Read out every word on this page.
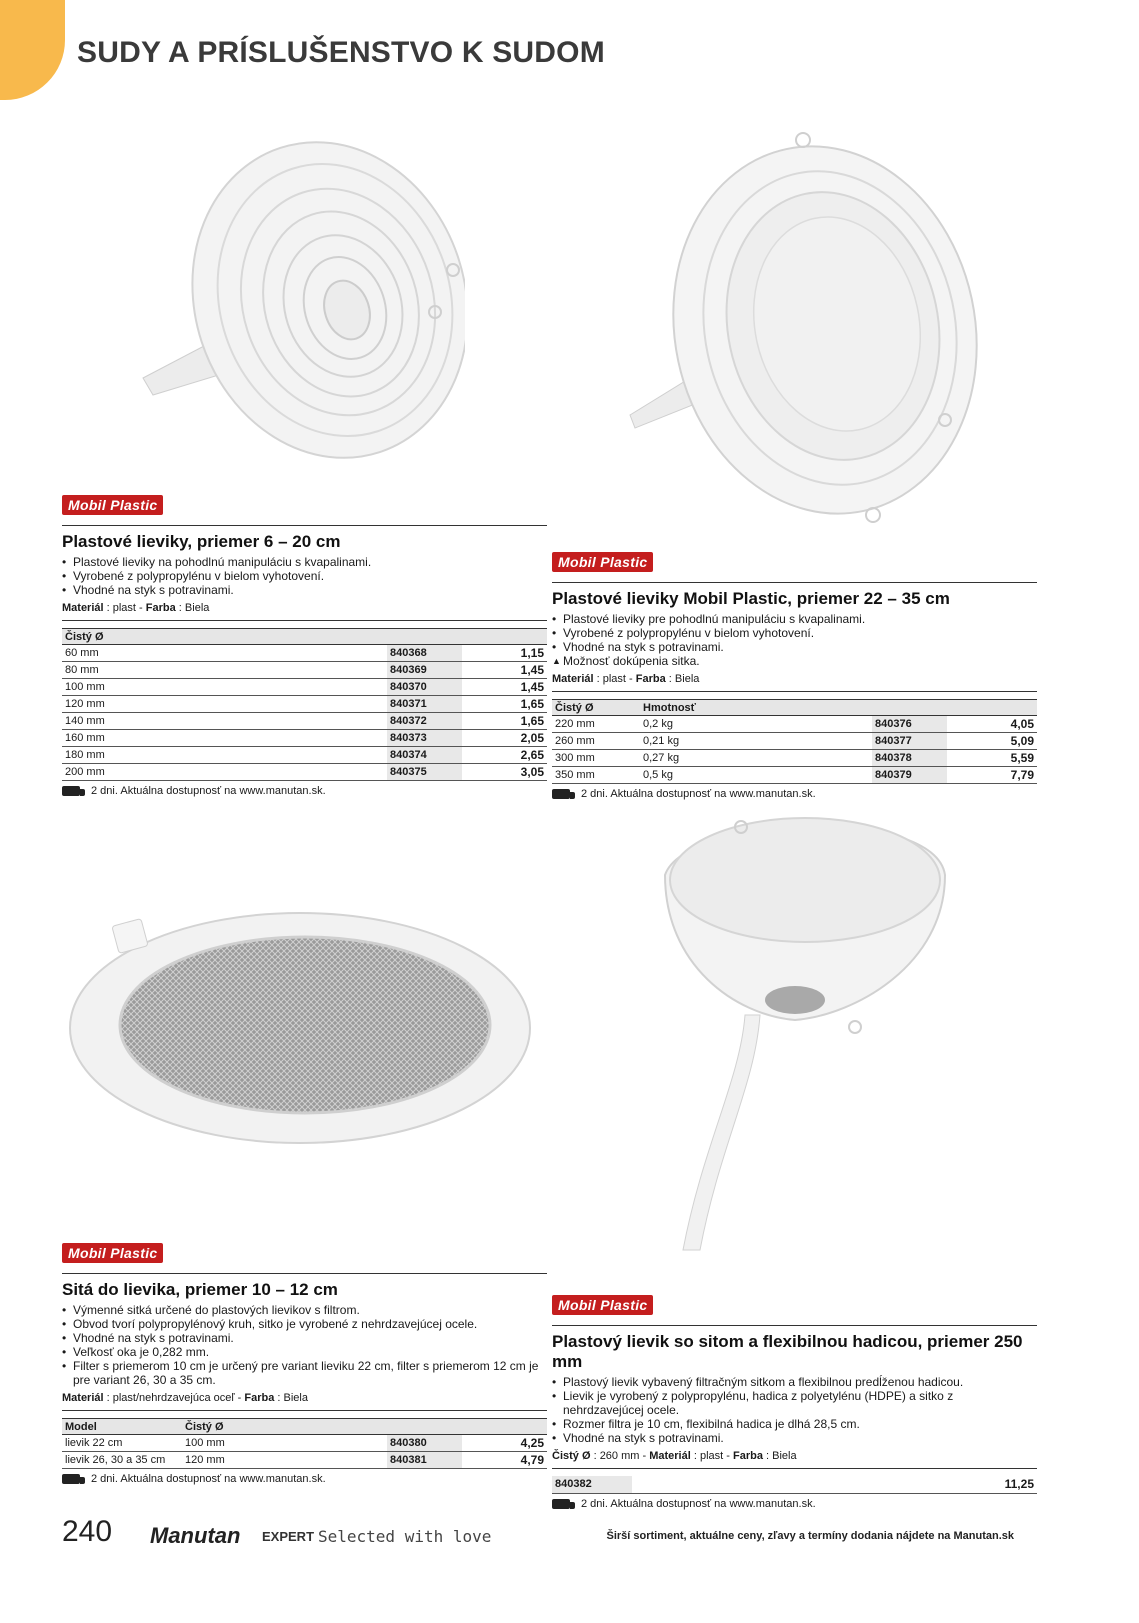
SUDY A PRÍSLUŠENSTVO K SUDOM
Mobil Plastic
Plastové lieviky, priemer 6 – 20 cm
• Plastové lieviky na pohodlnú manipuláciu s kvapalinami.
• Vyrobené z polypropylénu v bielom vyhotovení.
• Vhodné na styk s potravinami.
Materiál : plast - Farba : Biela
Čistý Ø		
60 mm	840368	1,15
80 mm	840369	1,45
100 mm	840370	1,45
120 mm	840371	1,65
140 mm	840372	1,65
160 mm	840373	2,05
180 mm	840374	2,65
200 mm	840375	3,05
2 dni. Aktuálna dostupnosť na www.manutan.sk.
Mobil Plastic
Plastové lieviky Mobil Plastic, priemer 22 – 35 cm
• Plastové lieviky pre pohodlnú manipuláciu s kvapalinami.
• Vyrobené z polypropylénu v bielom vyhotovení.
• Vhodné na styk s potravinami.
▲ Možnosť dokúpenia sitka.
Materiál : plast - Farba : Biela
Čistý Ø	Hmotnosť		
220 mm	0,2 kg	840376	4,05
260 mm	0,21 kg	840377	5,09
300 mm	0,27 kg	840378	5,59
350 mm	0,5 kg	840379	7,79
2 dni. Aktuálna dostupnosť na www.manutan.sk.
Mobil Plastic
Sitá do lievika, priemer 10 – 12 cm
• Výmenné sitká určené do plastových lievikov s filtrom.
• Obvod tvorí polypropylénový kruh, sitko je vyrobené z nehrdzavejúcej ocele.
• Vhodné na styk s potravinami.
• Veľkosť oka je 0,282 mm.
• Filter s priemerom 10 cm je určený pre variant lieviku 22 cm, filter s priemerom 12 cm je pre variant 26, 30 a 35 cm.
Materiál : plast/nehrdzavejúca oceľ - Farba : Biela
Model	Čistý Ø		
lievik 22 cm	100 mm	840380	4,25
lievik 26, 30 a 35 cm	120 mm	840381	4,79
2 dni. Aktuálna dostupnosť na www.manutan.sk.
Mobil Plastic
Plastový lievik so sitom a flexibilnou hadicou, priemer 250 mm
• Plastový lievik vybavený filtračným sitkom a flexibilnou predĺženou hadicou.
• Lievik je vyrobený z polypropylénu, hadica z polyetylénu (HDPE) a sitko z nehrdzavejúcej ocele.
• Rozmer filtra je 10 cm, flexibilná hadica je dlhá 28,5 cm.
• Vhodné na styk s potravinami.
Čistý Ø : 260 mm - Materiál : plast - Farba : Biela
840382	11,25
2 dni. Aktuálna dostupnosť na www.manutan.sk.
240 Manutan EXPERT Selected with love	Širší sortiment, aktuálne ceny, zľavy a termíny dodania nájdete na Manutan.sk
